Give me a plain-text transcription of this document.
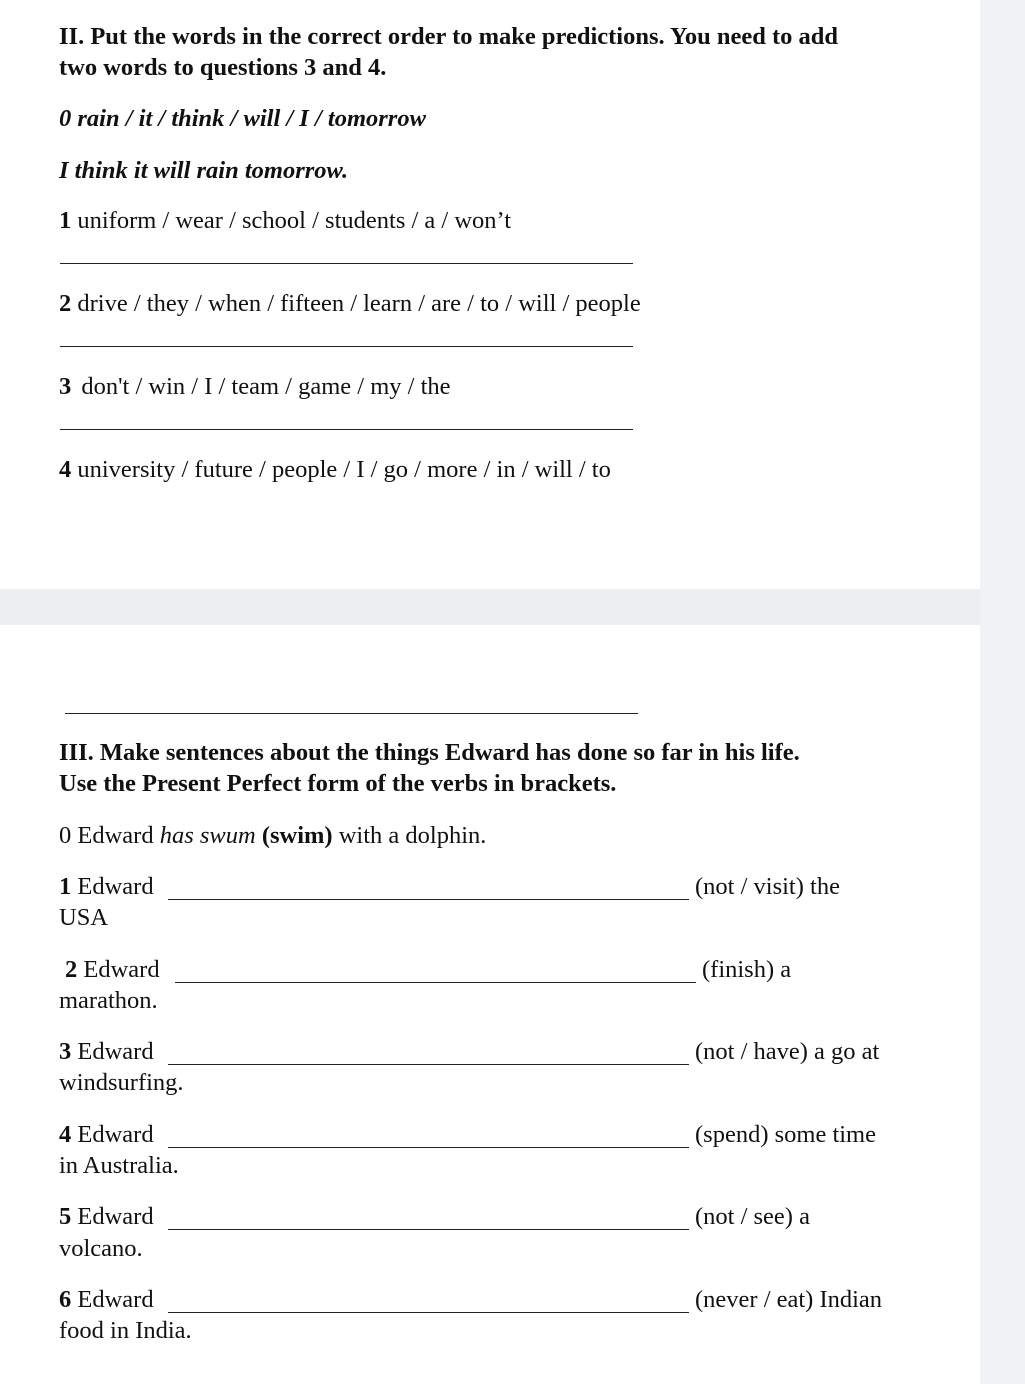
II. Put the words in the correct order to make predictions. You need to add
two words to questions 3 and 4.
0 rain / it / think / will / I / tomorrow
I think it will rain tomorrow.
1 uniform / wear / school / students / a / won’t
2 drive / they / when / fifteen / learn / are / to / will / people
3 don't / win / I / team / game / my / the
4 university / future / people / I / go / more / in / will / to
III. Make sentences about the things Edward has done so far in his life.
Use the Present Perfect form of the verbs in brackets.
0 Edward has swum (swim) with a dolphin.
1 Edward	(not / visit) the
USA
2 Edward	(finish) a
marathon.
3 Edward	(not / have) a go at
windsurfing.
4 Edward	(spend) some time
in Australia.
5 Edward	(not / see) a
volcano.
6 Edward	(never / eat) Indian
food in India.
